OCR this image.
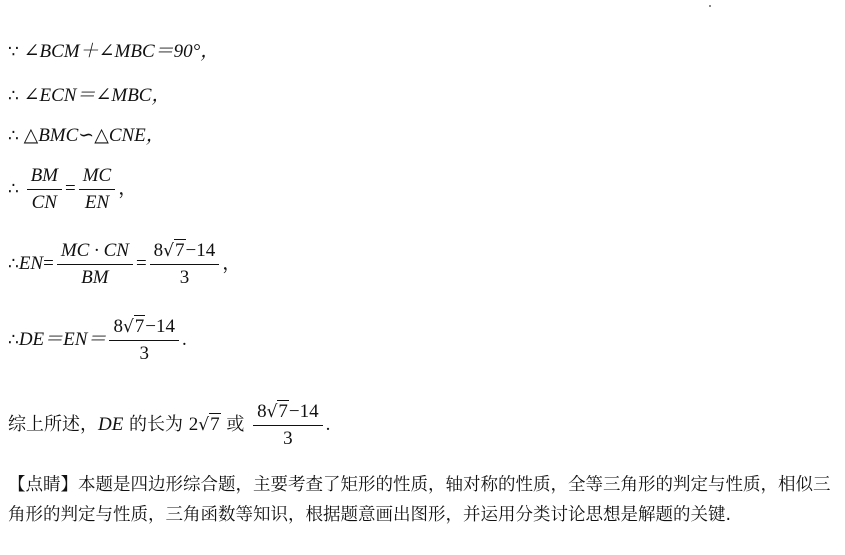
∵ ∠BCM＋∠MBC＝90°，
∴ ∠ECN＝∠MBC，
∴ △BMC∽△CNE，
∴ $\frac{BM}{CN} = \frac{MC}{EN}$ ，
∴EN= $\frac{MC \cdot CN}{BM} = \frac{8√7-14}{3}$ ，
∴DE＝EN＝ $\frac{8√7-14}{3}$ .
综上所述，DE 的长为 2√7 或 $\frac{8√7-14}{3}$ .
【点睛】本题是四边形综合题，主要考查了矩形的性质，轴对称的性质，全等三角形的判定与性质，相似三角形的判定与性质，三角函数等知识，根据题意画出图形，并运用分类讨论思想是解题的关键.
